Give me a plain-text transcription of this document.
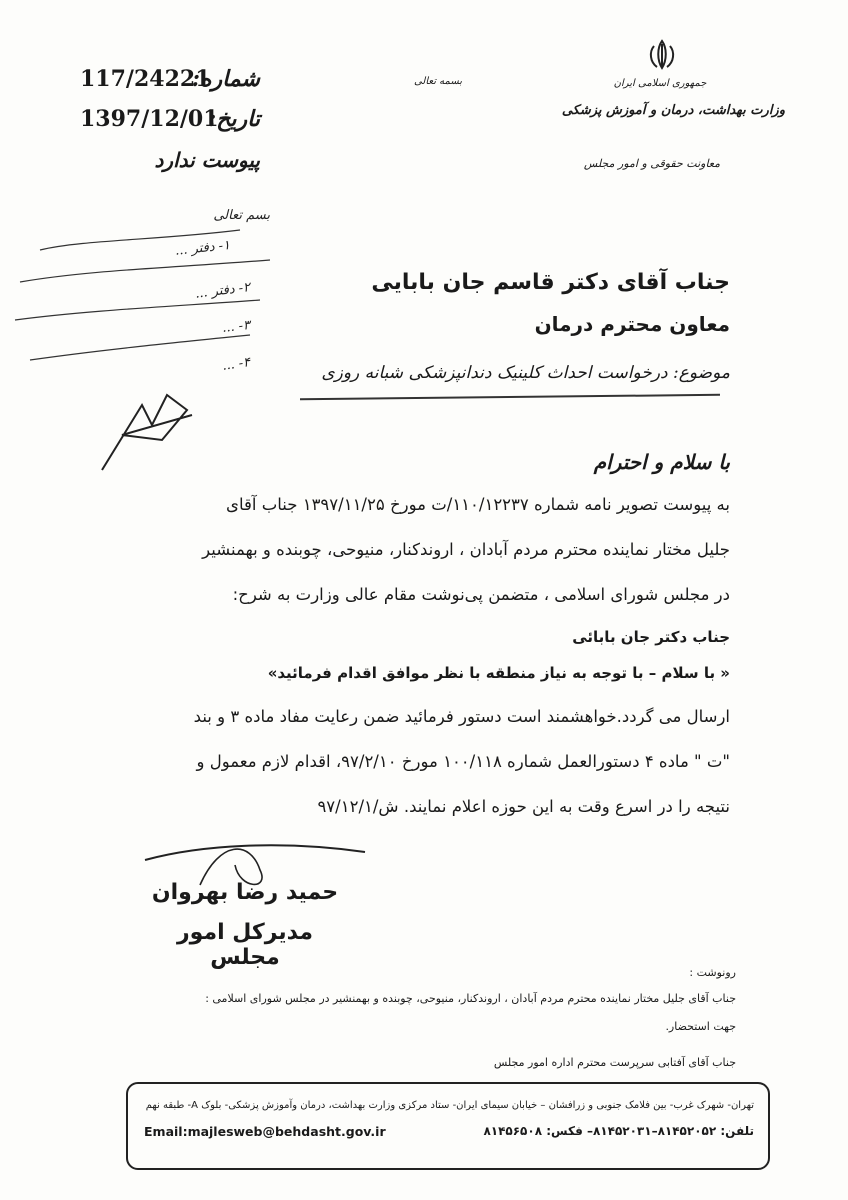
جمهوری اسلامی ایران
وزارت بهداشت، درمان و آموزش پزشکی
معاونت حقوقی و امور مجلس
بسمه تعالی
شماره:
117/24221
تاریخ:
1397/12/01
پیوست ندارد
بسم تعالی
۱- دفتر ...
۲- دفتر ...
۳- ...
۴- ...
جناب آقای دکتر قاسم جان بابایی
معاون محترم درمان
موضوع: درخواست احداث کلینیک دندانپزشکی شبانه روزی
با سلام و احترام
به پیوست تصویر نامه شماره ۱۱۰/۱۲۲۳۷/ت مورخ ۱۳۹۷/۱۱/۲۵ جناب آقای
جلیل مختار نماینده محترم مردم آبادان ، اروندکنار، منیوحی، چوبنده و بهمنشیر
در مجلس شورای اسلامی ، متضمن پی‌نوشت مقام عالی وزارت به شرح:
جناب دکتر جان بابائی
« با سلام – با توجه به نیاز منطقه با نظر موافق اقدام فرمائید»
ارسال می گردد.خواهشمند است دستور فرمائید ضمن رعایت مفاد ماده ۳ و بند
"ت " ماده ۴ دستورالعمل شماره ۱۰۰/۱۱۸ مورخ ۹۷/۲/۱۰، اقدام لازم معمول و
نتیجه را در اسرع وقت به این حوزه اعلام نمایند. ش/۹۷/۱۲/۱
حمید رضا بهروان
مدیرکل امور مجلس
رونوشت :
جناب آقای جلیل مختار نماینده محترم مردم آبادان ، اروندکنار، منیوحی، چوبنده و بهمنشیر در مجلس شورای اسلامی :
جهت استحضار.
جناب آقای آفتابی سرپرست محترم اداره امور مجلس
تهران- شهرک غرب- بین فلامک جنوبی و زرافشان – خیابان سیمای ایران- ستاد مرکزی وزارت بهداشت، درمان وآموزش پزشکی- بلوک A- طبقه نهم
تلفن: ۸۱۴۵۲۰۵۲–۸۱۴۵۲۰۳۱– فکس: ۸۱۴۵۶۵۰۸
Email:majlesweb@behdasht.gov.ir
